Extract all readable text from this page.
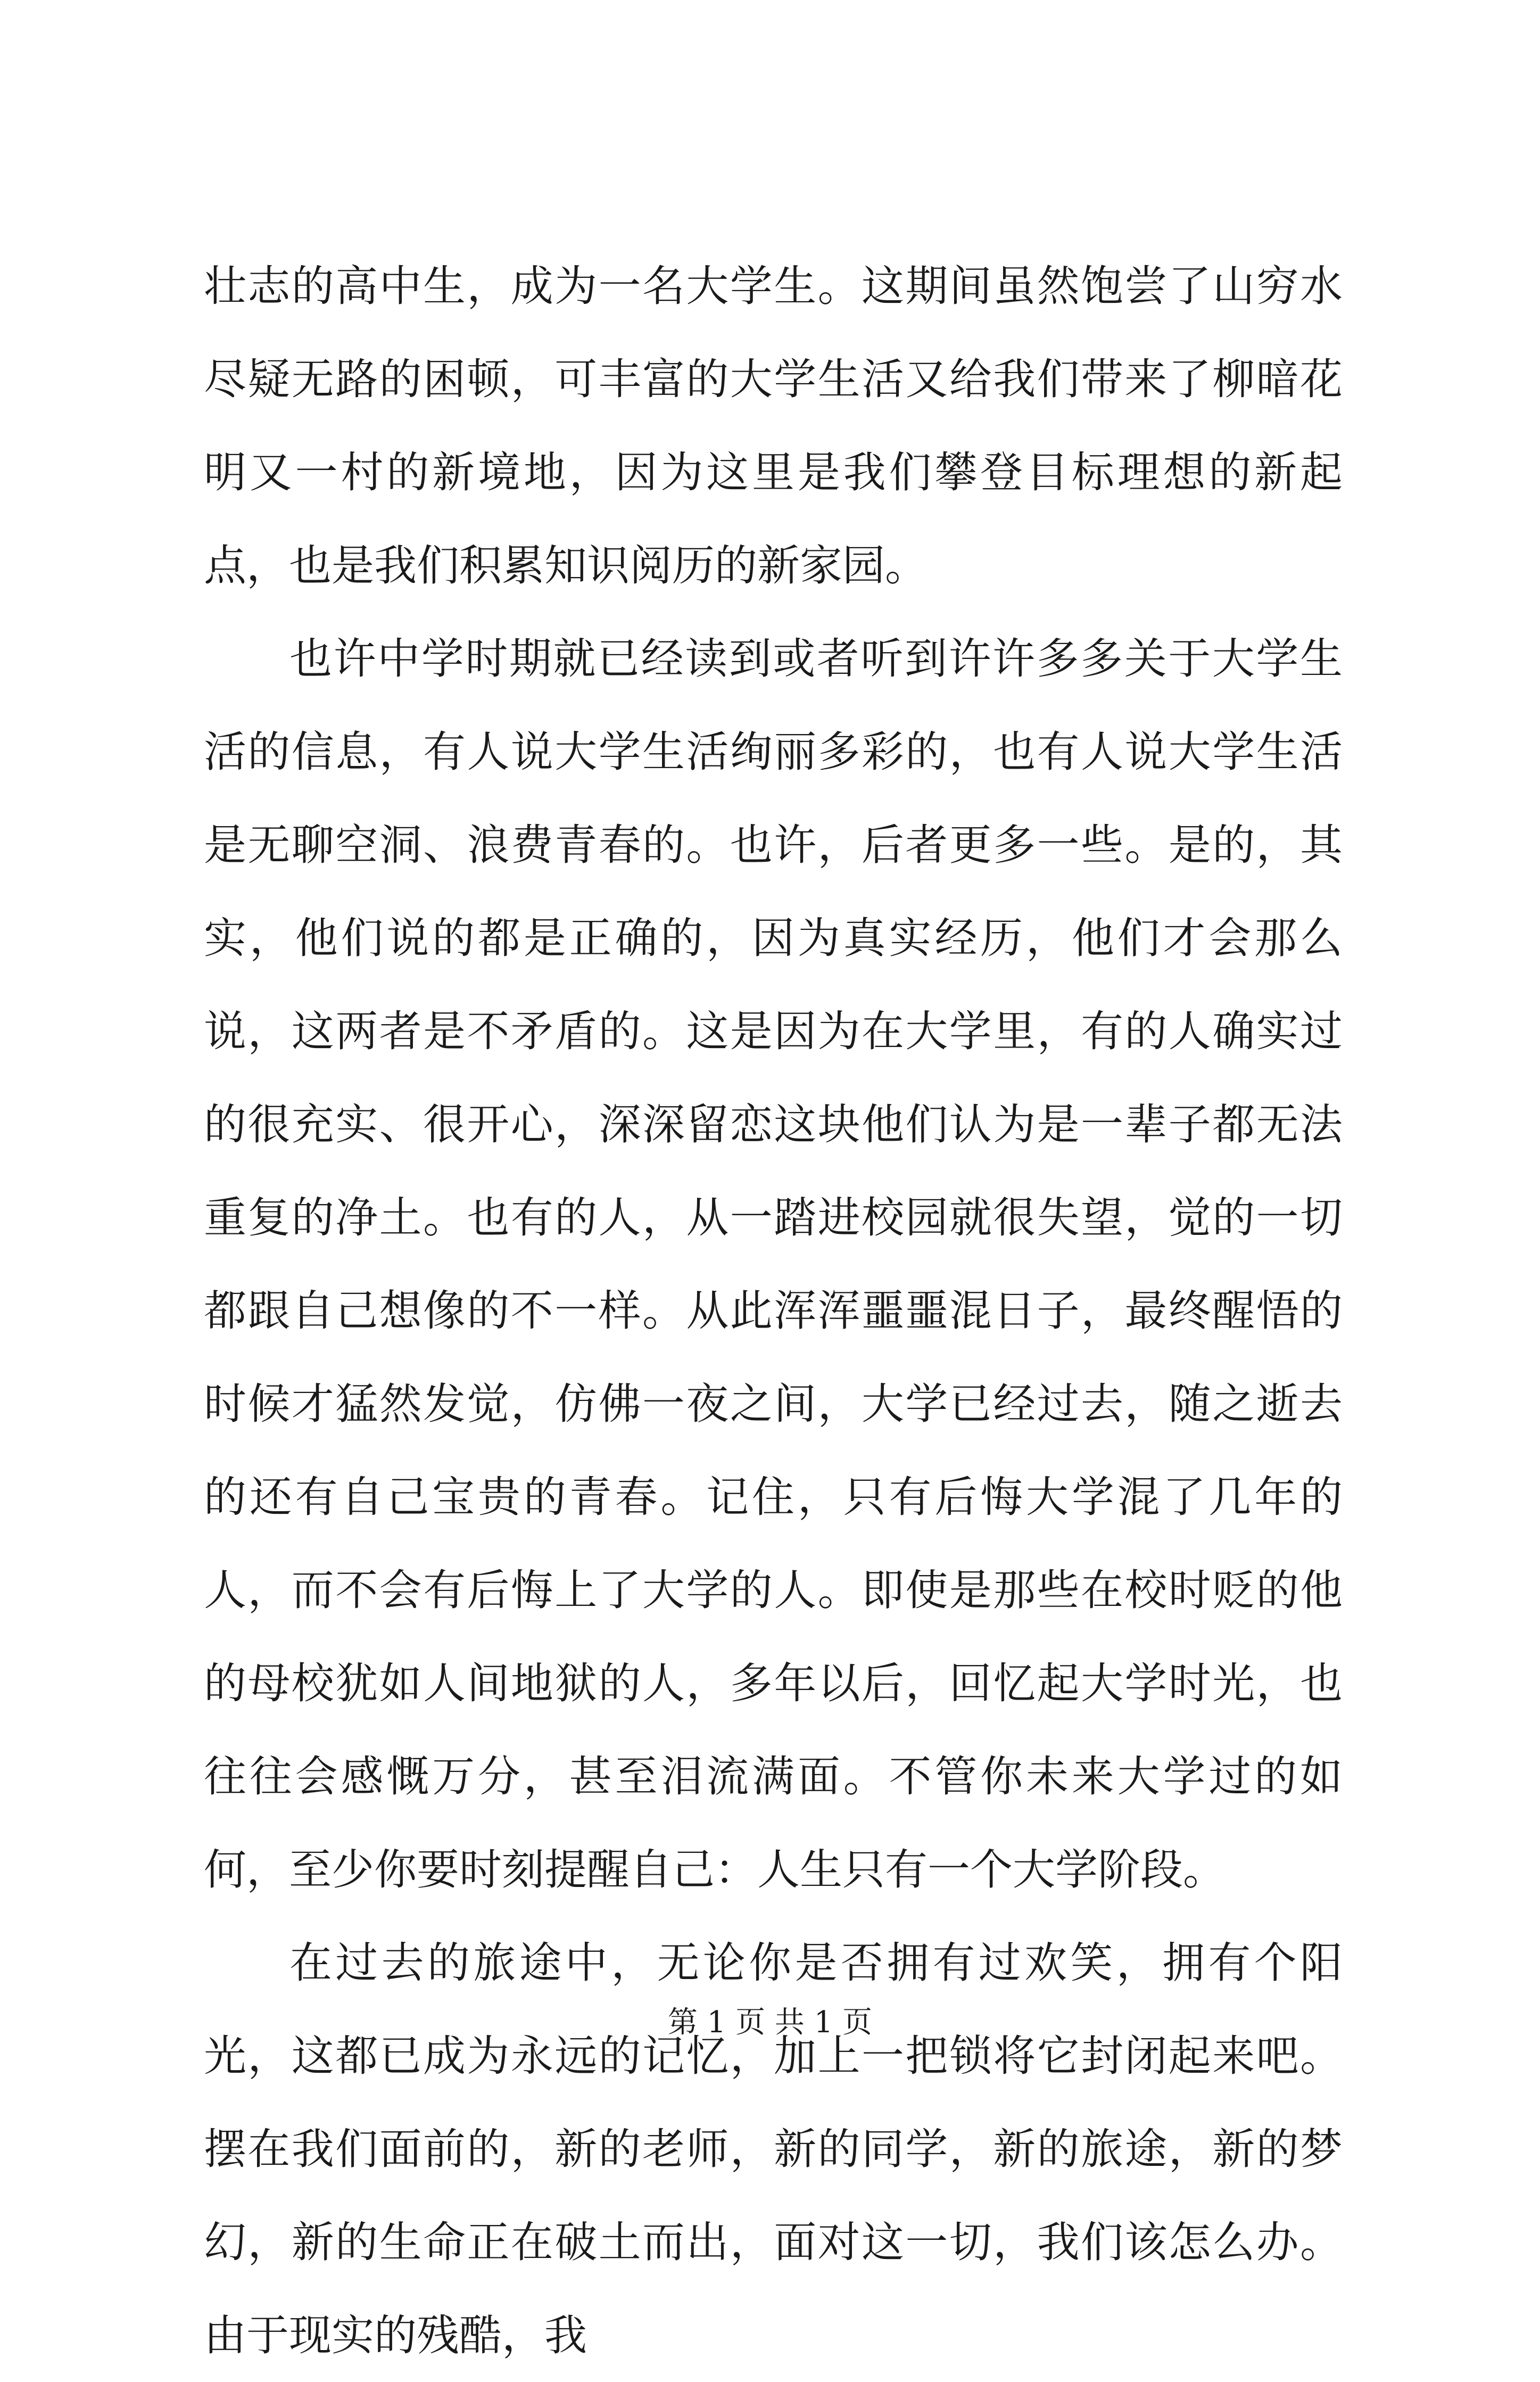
壮志的高中生，成为一名大学生。这期间虽然饱尝了山穷水尽疑无路的困顿，可丰富的大学生活又给我们带来了柳暗花明又一村的新境地，因为这里是我们攀登目标理想的新起点，也是我们积累知识阅历的新家园。

也许中学时期就已经读到或者听到许许多多关于大学生活的信息，有人说大学生活绚丽多彩的，也有人说大学生活是无聊空洞、浪费青春的。也许，后者更多一些。是的，其实，他们说的都是正确的，因为真实经历，他们才会那么说，这两者是不矛盾的。这是因为在大学里，有的人确实过的很充实、很开心，深深留恋这块他们认为是一辈子都无法重复的净土。也有的人，从一踏进校园就很失望，觉的一切都跟自己想像的不一样。从此浑浑噩噩混日子，最终醒悟的时候才猛然发觉，仿佛一夜之间，大学已经过去，随之逝去的还有自己宝贵的青春。记住，只有后悔大学混了几年的人，而不会有后悔上了大学的人。即使是那些在校时贬的他的母校犹如人间地狱的人，多年以后，回忆起大学时光，也往往会感慨万分，甚至泪流满面。不管你未来大学过的如何，至少你要时刻提醒自己：人生只有一个大学阶段。

在过去的旅途中，无论你是否拥有过欢笑，拥有个阳光，这都已成为永远的记忆，加上一把锁将它封闭起来吧。摆在我们面前的，新的老师，新的同学，新的旅途，新的梦幻，新的生命正在破土而出，面对这一切，我们该怎么办。由于现实的残酷，我

第 1 页 共 1 页
